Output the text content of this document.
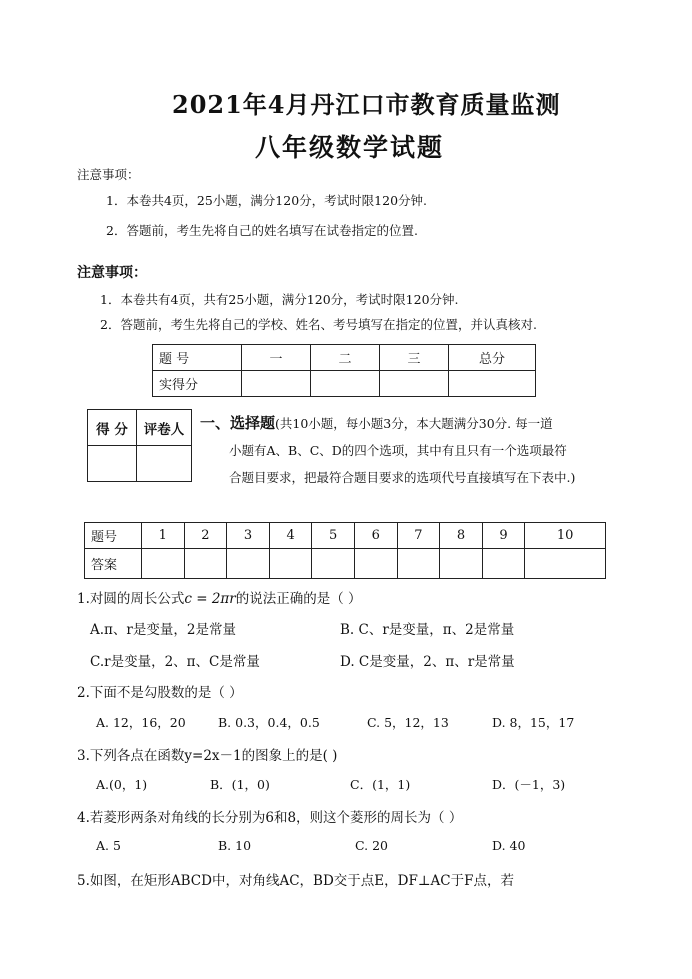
2021年4月丹江口市教育质量监测
八年级数学试题
注意事项：
1．本卷共4页，25小题，满分120分，考试时限120分钟.
2．答题前，考生先将自己的姓名填写在试卷指定的位置.
注意事项：
1．本卷共有4页，共有25小题，满分120分，考试时限120分钟.
2．答题前，考生先将自己的学校、姓名、考号填写在指定的位置，并认真核对.
题 号	一	二	三	总分
实得分				
得 分	评卷人
	一、选择题(共10小题，每小题3分，本大题满分30分. 每一道
小题有A、B、C、D的四个选项，其中有且只有一个选项最符
合题目要求，把最符合题目要求的选项代号直接填写在下表中.)
题号	1	2	3	4	5	6	7	8	9	10
答案										
1.对圆的周长公式c = 2πr的说法正确的是（ ）
A.π、r是变量，2是常量	B. C、r是变量，π、2是常量
C.r是变量，2、π、C是常量	D. C是变量，2、π、r是常量
2.下面不是勾股数的是（ ）
A. 12，16，20	B. 0.3，0.4，0.5	C. 5，12，13	D. 8，15，17
3.下列各点在函数y=2x－1的图象上的是( )
A.(0，1)	B．(1，0)	C．(1，1)	D．(－1，3)
4.若菱形两条对角线的长分别为6和8，则这个菱形的周长为（ ）
A. 5	B. 10	C. 20	D. 40
5.如图，在矩形ABCD中，对角线AC，BD交于点E，DF⊥AC于F点，若
